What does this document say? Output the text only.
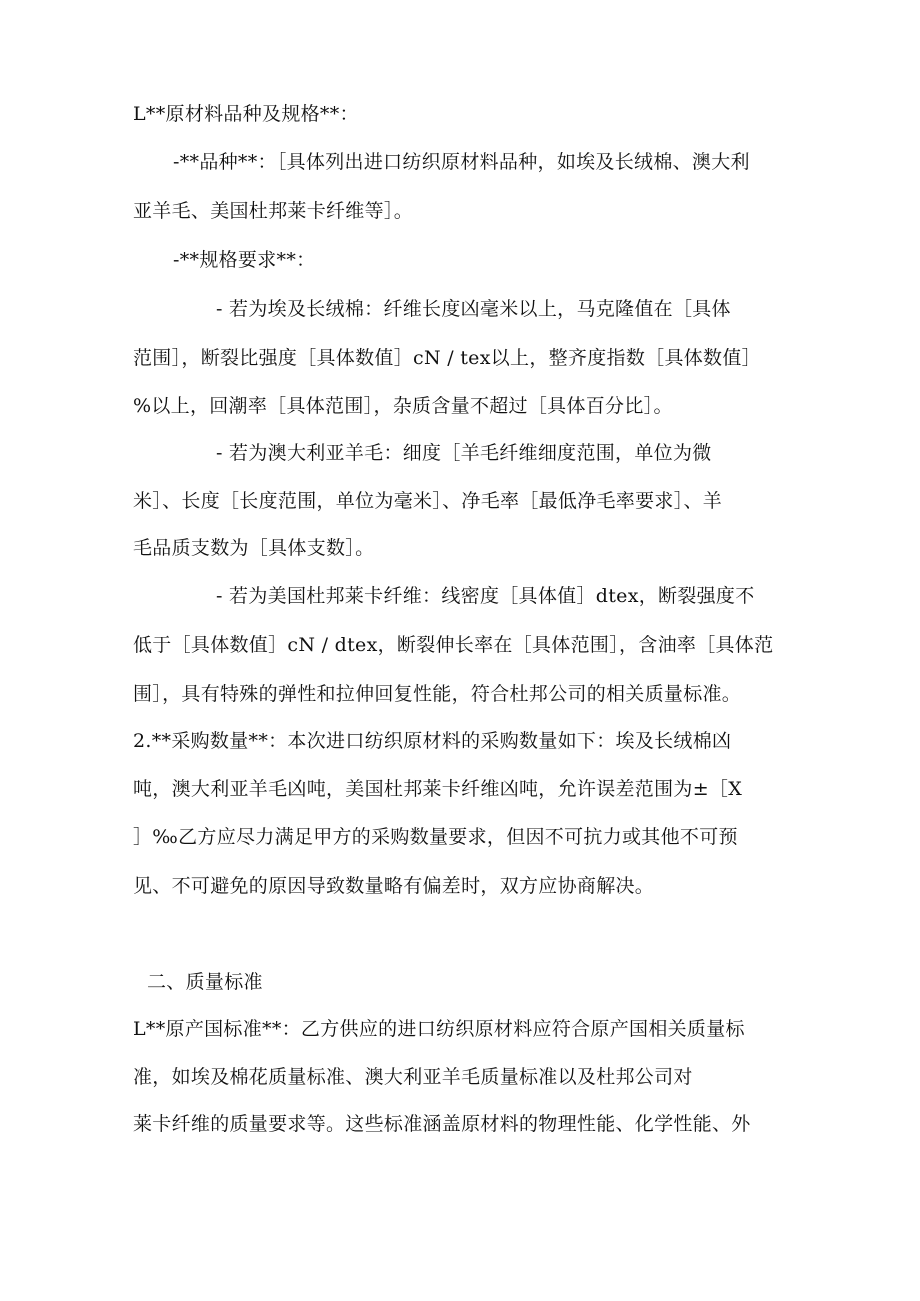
L**原材料品种及规格**：
-**品种**：［具体列出进口纺织原材料品种，如埃及长绒棉、澳大利
亚羊毛、美国杜邦莱卡纤维等］。
-**规格要求**：
- 若为埃及长绒棉：纤维长度凶毫米以上，马克隆值在［具体
范围］，断裂比强度［具体数值］cN / tex以上，整齐度指数［具体数值］
%以上，回潮率［具体范围］，杂质含量不超过［具体百分比］。
- 若为澳大利亚羊毛：细度［羊毛纤维细度范围，单位为微
米］、长度［长度范围，单位为毫米］、净毛率［最低净毛率要求］、羊
毛品质支数为［具体支数］。
- 若为美国杜邦莱卡纤维：线密度［具体值］dtex，断裂强度不
低于［具体数值］cN / dtex，断裂伸长率在［具体范围］，含油率［具体范
围］，具有特殊的弹性和拉伸回复性能，符合杜邦公司的相关质量标准。
2.**采购数量**：本次进口纺织原材料的采购数量如下：埃及长绒棉凶
吨，澳大利亚羊毛凶吨，美国杜邦莱卡纤维凶吨，允许误差范围为±［X
］‰乙方应尽力满足甲方的采购数量要求，但因不可抗力或其他不可预
见、不可避免的原因导致数量略有偏差时，双方应协商解决。
二、质量标准
L**原产国标准**：乙方供应的进口纺织原材料应符合原产国相关质量标
准，如埃及棉花质量标准、澳大利亚羊毛质量标准以及杜邦公司对
莱卡纤维的质量要求等。这些标准涵盖原材料的物理性能、化学性能、外
